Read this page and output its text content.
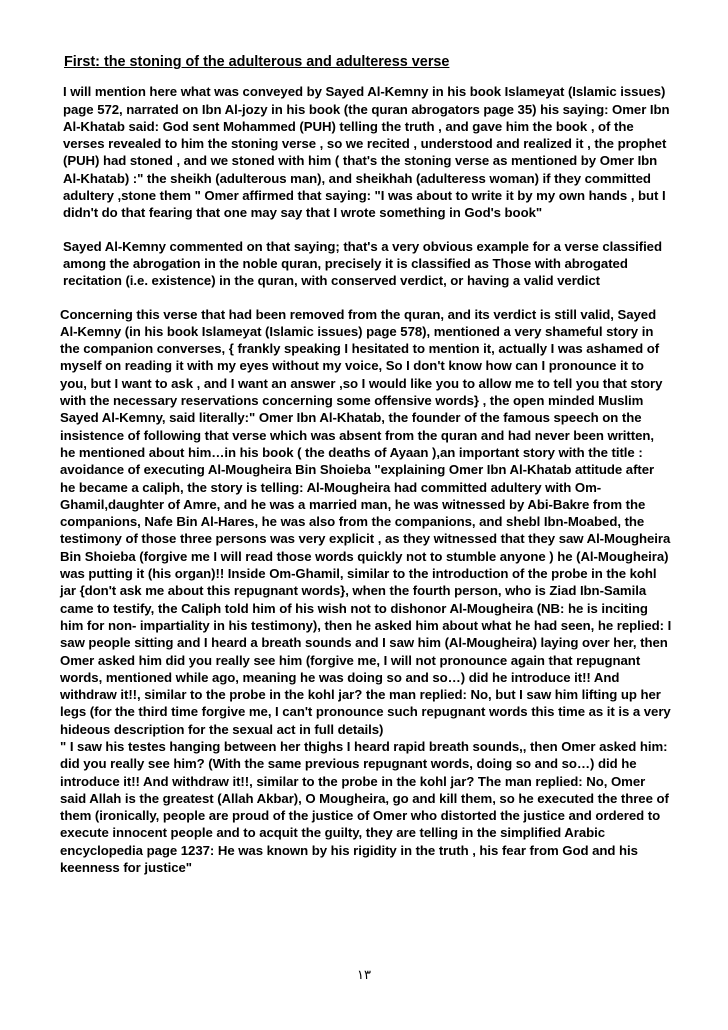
First: the stoning of the adulterous and adulteress verse

I will mention here what was conveyed by Sayed Al-Kemny in his book Islameyat (Islamic issues) page 572, narrated on Ibn Al-jozy in his book (the quran abrogators page 35) his saying: Omer Ibn Al-Khatab said: God sent Mohammed (PUH) telling the truth , and gave him the book , of the verses revealed to him the stoning verse , so we recited , understood and realized it , the prophet (PUH) had stoned , and we stoned with him ( that's the stoning verse as mentioned by Omer Ibn Al-Khatab) :" the sheikh (adulterous man), and sheikhah (adulteress woman) if they committed adultery ,stone them " Omer affirmed that saying: "I was about to write it by my own hands , but I didn't do that fearing that one may say that I wrote something in God's book"

Sayed Al-Kemny commented on that saying; that's a very obvious example for a verse classified among the abrogation in the noble quran, precisely it is classified as Those with abrogated recitation (i.e. existence) in the quran, with conserved verdict, or having a valid verdict

Concerning this verse that had been removed from the quran, and its verdict is still valid, Sayed Al-Kemny (in his book Islameyat (Islamic issues) page 578), mentioned a very shameful story in the companion converses, { frankly speaking I hesitated to mention it, actually I was ashamed of myself on reading it with my eyes without my voice, So I don't know how can I pronounce it to you, but I want to ask , and I want an answer ,so I would like you to allow me to tell you that story with the necessary reservations concerning some offensive words} , the open minded Muslim Sayed Al-Kemny, said literally:" Omer Ibn Al-Khatab, the founder of the famous speech on the insistence of following that verse which was absent from the quran and had never been written, he mentioned about him…in his book ( the deaths of Ayaan ),an important story with the title : avoidance of executing Al-Mougheira Bin Shoieba "explaining Omer Ibn Al-Khatab attitude after he became a caliph, the story is telling: Al-Mougheira had committed adultery with Om-Ghamil,daughter of Amre, and he was a married man, he was witnessed by Abi-Bakre from the companions, Nafe Bin Al-Hares, he was also from the companions, and shebl Ibn-Moabed, the testimony of those three persons was very explicit , as they witnessed that they saw Al-Mougheira Bin Shoieba (forgive me I will read those words quickly not to stumble anyone ) he (Al-Mougheira) was putting it (his organ)!! Inside Om-Ghamil, similar to the introduction of the probe in the kohl jar {don't ask me about this repugnant words}, when the fourth person, who is Ziad Ibn-Samila came to testify, the Caliph told him of his wish not to dishonor Al-Mougheira (NB: he is inciting him for non- impartiality in his testimony), then he asked him about what he had seen, he replied: I saw people sitting and I heard a breath sounds and I saw him (Al-Mougheira) laying over her, then Omer asked him did you really see him (forgive me, I will not pronounce again that repugnant words, mentioned while ago, meaning he was doing so and so…) did he introduce it!! And withdraw it!!, similar to the probe in the kohl jar? the man replied: No, but I saw him lifting up her legs (for the third time forgive me, I can't pronounce such repugnant words this time as it is a very hideous description for the sexual act in full details)

" I saw his testes hanging between her thighs I heard rapid breath sounds,, then Omer asked him: did you really see him? (With the same previous repugnant words, doing so and so…) did he introduce it!! And withdraw it!!, similar to the probe in the kohl jar? The man replied: No, Omer said Allah is the greatest (Allah Akbar), O Mougheira, go and kill them, so he executed the three of them (ironically, people are proud of the justice of Omer who distorted the justice and ordered to execute innocent people and to acquit the guilty, they are telling in the simplified Arabic encyclopedia page 1237: He was known by his rigidity in the truth , his fear from God and his keenness for justice"

١٣
